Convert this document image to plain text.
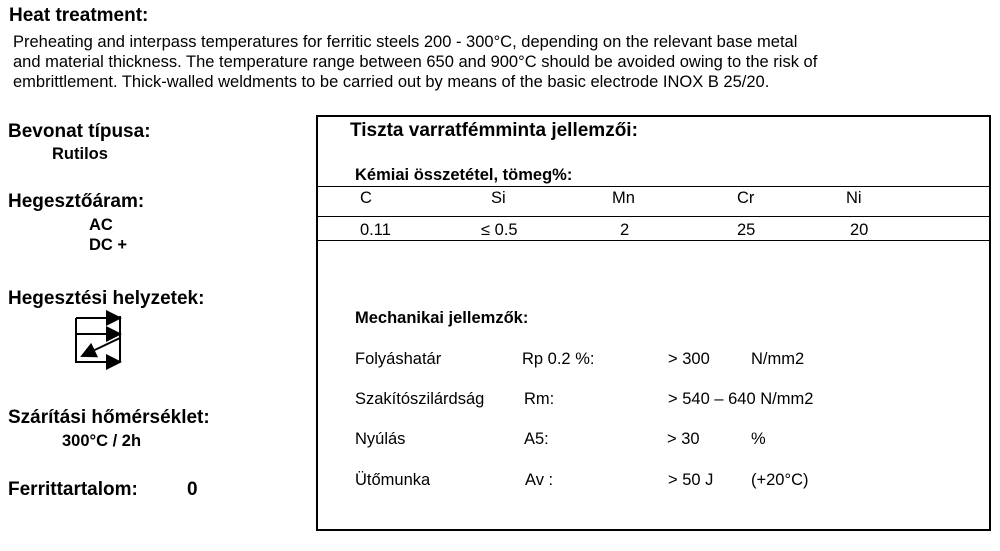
Heat treatment:
Preheating and interpass temperatures for ferritic steels 200 - 300°C, depending on the relevant base metal
and material thickness. The temperature range between 650 and 900°C should be avoided owing to the risk of
embrittlement. Thick-walled weldments to be carried out by means of the basic electrode INOX B 25/20.
Bevonat típusa:
Rutilos
Hegesztőáram:
AC
DC +
Hegesztési helyzetek:
Szárítási hőmérséklet:
300°C / 2h
Ferrittartalom:	0
Tiszta varratfémminta jellemzői:
Kémiai összetétel, tömeg%:
C	Si	Mn	Cr	Ni
0.11	≤ 0.5	2	25	20
Mechanikai jellemzők:
Folyáshatár	Rp 0.2 %:	> 300	N/mm2
Szakítószilárdság Rm:	> 540 – 640 N/mm2
Nyúlás	A5:	> 30	%
Ütőmunka	Av :	> 50 J (+20°C)
